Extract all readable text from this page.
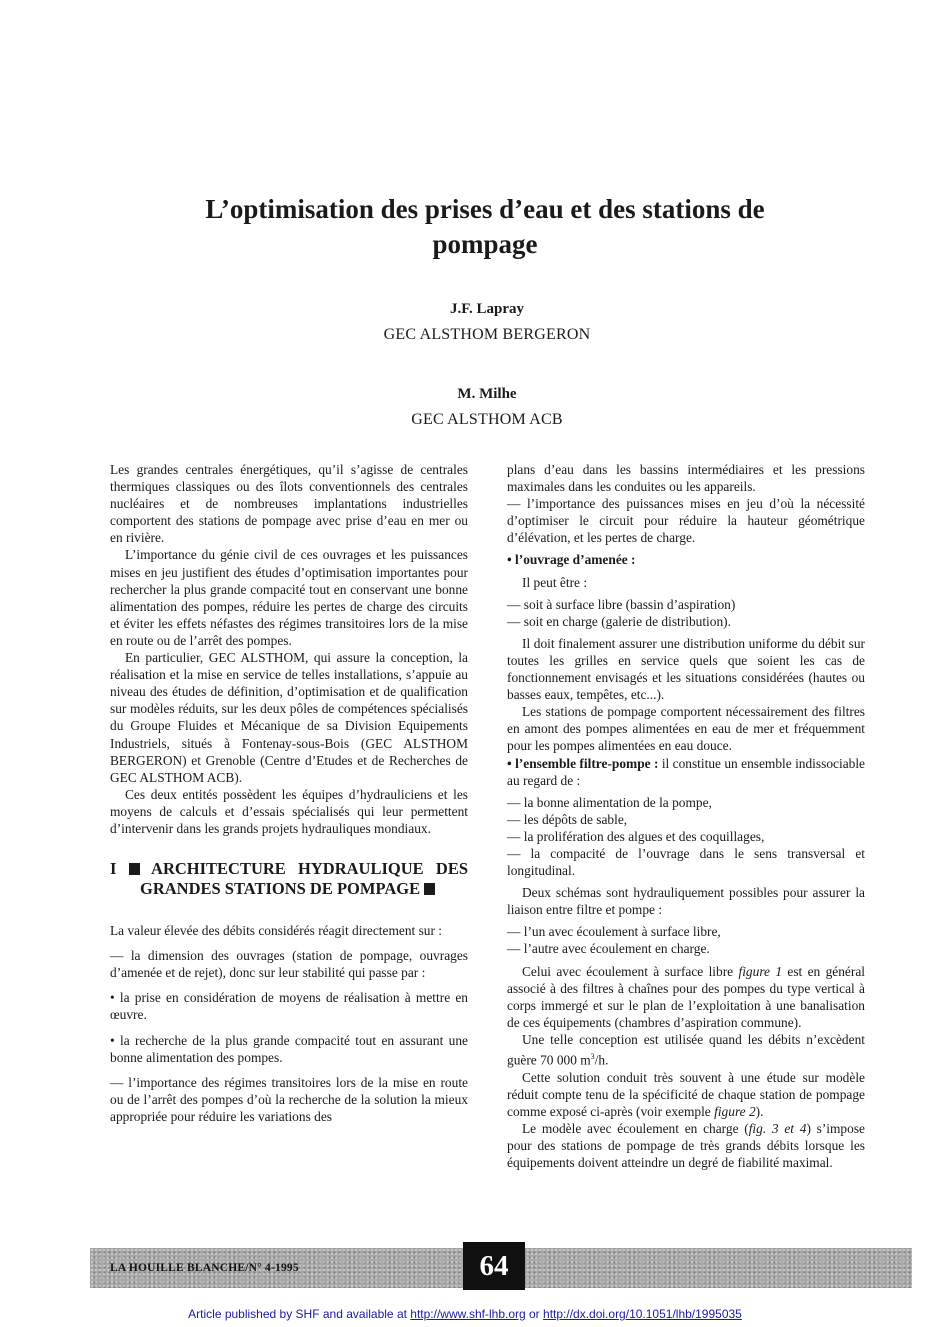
L’optimisation des prises d’eau et des stations de
pompage
J.F. Lapray
GEC ALSTHOM BERGERON
M. Milhe
GEC ALSTHOM ACB

Les grandes centrales énergétiques, qu’il s’agisse de centrales thermiques classiques ou des îlots conventionnels des centrales nucléaires et de nombreuses implantations industrielles comportent des stations de pompage avec prise d’eau en mer ou en rivière.

L’importance du génie civil de ces ouvrages et les puissances mises en jeu justifient des études d’optimisation importantes pour rechercher la plus grande compacité tout en conservant une bonne alimentation des pompes, réduire les pertes de charge des circuits et éviter les effets néfastes des régimes transitoires lors de la mise en route ou de l’arrêt des pompes.

En particulier, GEC ALSTHOM, qui assure la conception, la réalisation et la mise en service de telles installations, s’appuie au niveau des études de définition, d’optimisation et de qualification sur modèles réduits, sur les deux pôles de compétences spécialisés du Groupe Fluides et Mécanique de sa Division Equipements Industriels, situés à Fontenay-sous-Bois (GEC ALSTHOM BERGERON) et Grenoble (Centre d’Etudes et de Recherches de GEC ALSTHOM ACB).

Ces deux entités possèdent les équipes d’hydrauliciens et les moyens de calculs et d’essais spécialisés qui leur permettent d’intervenir dans les grands projets hydrauliques mondiaux.

I ARCHITECTURE HYDRAULIQUE DES
GRANDES STATIONS DE POMPAGE

La valeur élevée des débits considérés réagit directement sur :

— la dimension des ouvrages (station de pompage, ouvrages d’amenée et de rejet), donc sur leur stabilité qui passe par :

• la prise en considération de moyens de réalisation à mettre en œuvre.

• la recherche de la plus grande compacité tout en assurant une bonne alimentation des pompes.

— l’importance des régimes transitoires lors de la mise en route ou de l’arrêt des pompes d’où la recherche de la solution la mieux appropriée pour réduire les variations des

plans d’eau dans les bassins intermédiaires et les pressions maximales dans les conduites ou les appareils.

— l’importance des puissances mises en jeu d’où la nécessité d’optimiser le circuit pour réduire la hauteur géométrique d’élévation, et les pertes de charge.

• l’ouvrage d’amenée :

Il peut être :

— soit à surface libre (bassin d’aspiration)

— soit en charge (galerie de distribution).

Il doit finalement assurer une distribution uniforme du débit sur toutes les grilles en service quels que soient les cas de fonctionnement envisagés et les situations considérées (hautes ou basses eaux, tempêtes, etc...).

Les stations de pompage comportent nécessairement des filtres en amont des pompes alimentées en eau de mer et fréquemment pour les pompes alimentées en eau douce.

• l’ensemble filtre-pompe : il constitue un ensemble indissociable au regard de :

— la bonne alimentation de la pompe,

— les dépôts de sable,

— la prolifération des algues et des coquillages,

— la compacité de l’ouvrage dans le sens transversal et longitudinal.

Deux schémas sont hydrauliquement possibles pour assurer la liaison entre filtre et pompe :

— l’un avec écoulement à surface libre,

— l’autre avec écoulement en charge.

Celui avec écoulement à surface libre figure 1 est en général associé à des filtres à chaînes pour des pompes du type vertical à corps immergé et sur le plan de l’exploitation à une banalisation de ces équipements (chambres d’aspiration commune).

Une telle conception est utilisée quand les débits n’excèdent guère 70 000 $m^3/h$.

Cette solution conduit très souvent à une étude sur modèle réduit compte tenu de la spécificité de chaque station de pompage comme exposé ci-après (voir exemple figure 2).

Le modèle avec écoulement en charge (fig. 3 et 4) s’impose pour des stations de pompage de très grands débits lorsque les équipements doivent atteindre un degré de fiabilité maximal.

LA HOUILLE BLANCHE/N° 4-1995	64
Article published by SHF and available at http://www.shf-lhb.org or http://dx.doi.org/10.1051/lhb/1995035
